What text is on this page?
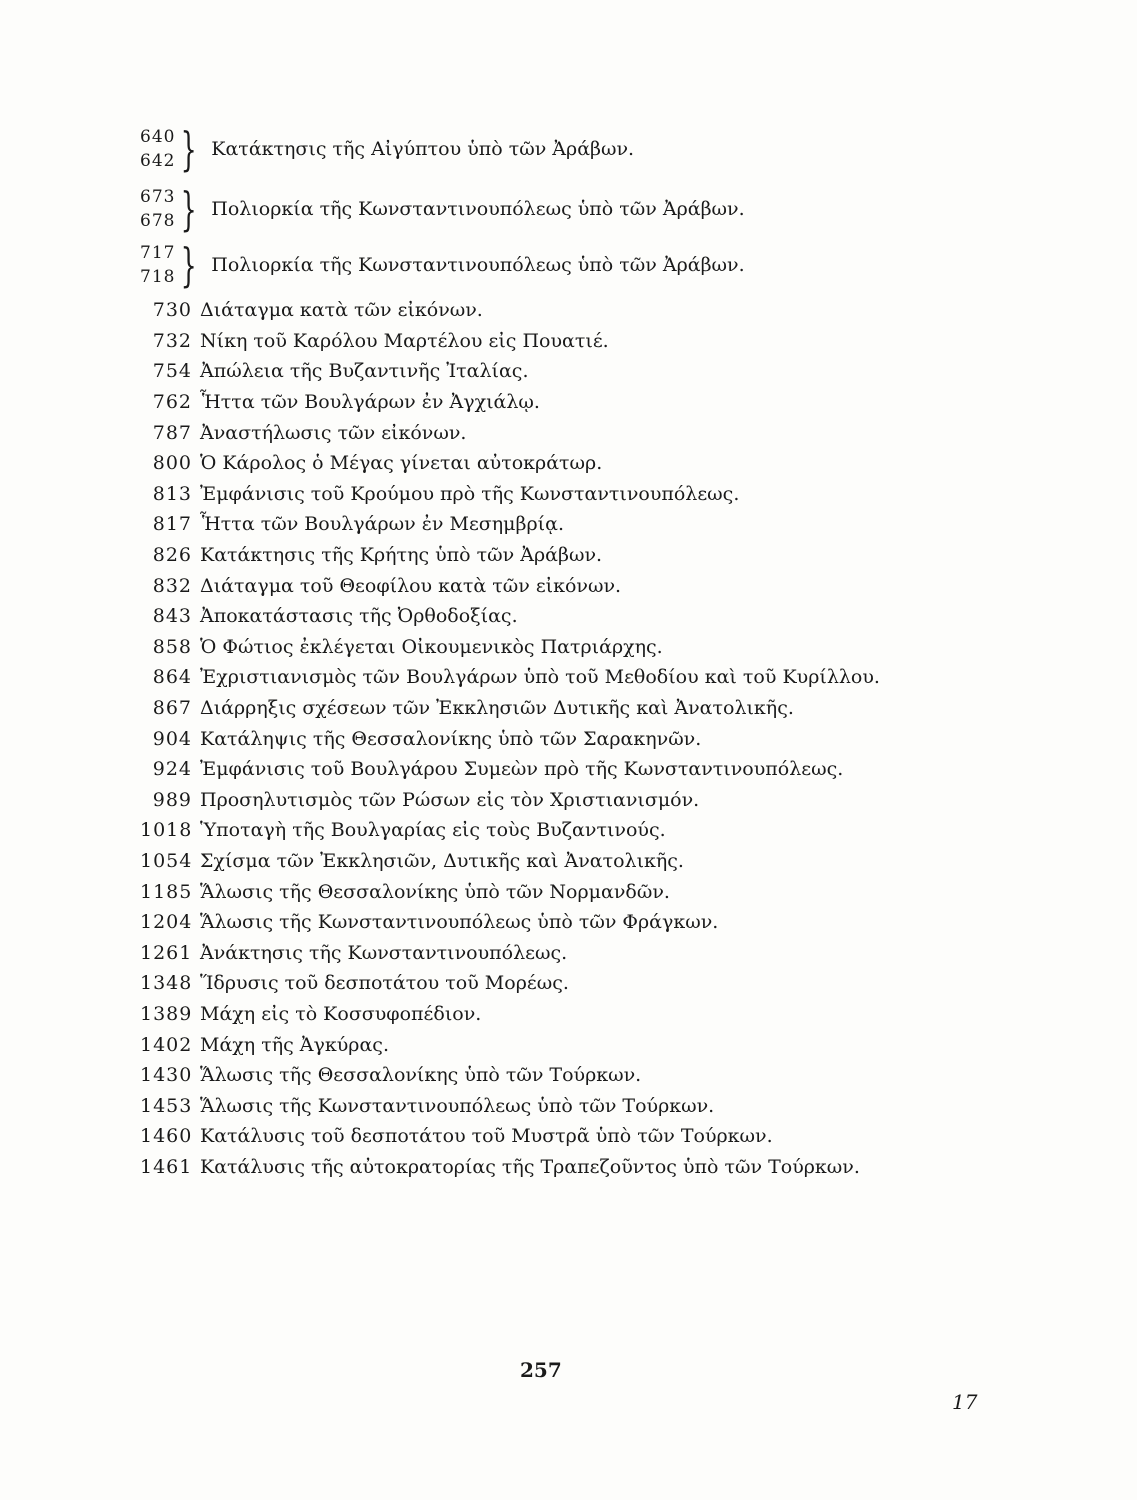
640
642 } Κατάκτησις τῆς Αἰγύπτου ὑπὸ τῶν Ἀράβων.
673
678 } Πολιορκία τῆς Κωνσταντινουπόλεως ὑπὸ τῶν Ἀράβων.
717
718 } Πολιορκία τῆς Κωνσταντινουπόλεως ὑπὸ τῶν Ἀράβων.
730 Διάταγμα κατὰ τῶν εἰκόνων.
732 Νίκη τοῦ Καρόλου Μαρτέλου εἰς Πουατιέ.
754 Ἀπώλεια τῆς Βυζαντινῆς Ἰταλίας.
762 Ἧττα τῶν Βουλγάρων ἐν Ἀγχιάλῳ.
787 Ἀναστήλωσις τῶν εἰκόνων.
800 Ὁ Κάρολος ὁ Μέγας γίνεται αὐτοκράτωρ.
813 Ἐμφάνισις τοῦ Κρούμου πρὸ τῆς Κωνσταντινουπόλεως.
817 Ἧττα τῶν Βουλγάρων ἐν Μεσημβρίᾳ.
826 Κατάκτησις τῆς Κρήτης ὑπὸ τῶν Ἀράβων.
832 Διάταγμα τοῦ Θεοφίλου κατὰ τῶν εἰκόνων.
843 Ἀποκατάστασις τῆς Ὀρθοδοξίας.
858 Ὁ Φώτιος ἐκλέγεται Οἰκουμενικὸς Πατριάρχης.
864 Ἐχριστιανισμὸς τῶν Βουλγάρων ὑπὸ τοῦ Μεθοδίου καὶ τοῦ Κυρίλλου.
867 Διάρρηξις σχέσεων τῶν Ἐκκλησιῶν Δυτικῆς καὶ Ἀνατολικῆς.
904 Κατάληψις τῆς Θεσσαλονίκης ὑπὸ τῶν Σαρακηνῶν.
924 Ἐμφάνισις τοῦ Βουλγάρου Συμεὼν πρὸ τῆς Κωνσταντινουπόλεως.
989 Προσηλυτισμὸς τῶν Ρώσων εἰς τὸν Χριστιανισμόν.
1018 Ὑποταγὴ τῆς Βουλγαρίας εἰς τοὺς Βυζαντινούς.
1054 Σχίσμα τῶν Ἐκκλησιῶν, Δυτικῆς καὶ Ἀνατολικῆς.
1185 Ἅλωσις τῆς Θεσσαλονίκης ὑπὸ τῶν Νορμανδῶν.
1204 Ἅλωσις τῆς Κωνσταντινουπόλεως ὑπὸ τῶν Φράγκων.
1261 Ἀνάκτησις τῆς Κωνσταντινουπόλεως.
1348 Ἵδρυσις τοῦ δεσποτάτου τοῦ Μορέως.
1389 Μάχη εἰς τὸ Κοσσυφοπέδιον.
1402 Μάχη τῆς Ἀγκύρας.
1430 Ἅλωσις τῆς Θεσσαλονίκης ὑπὸ τῶν Τούρκων.
1453 Ἅλωσις τῆς Κωνσταντινουπόλεως ὑπὸ τῶν Τούρκων.
1460 Κατάλυσις τοῦ δεσποτάτου τοῦ Μυστρᾶ ὑπὸ τῶν Τούρκων.
1461 Κατάλυσις τῆς αὐτοκρατορίας τῆς Τραπεζοῦντος ὑπὸ τῶν Τούρκων.
257
17
